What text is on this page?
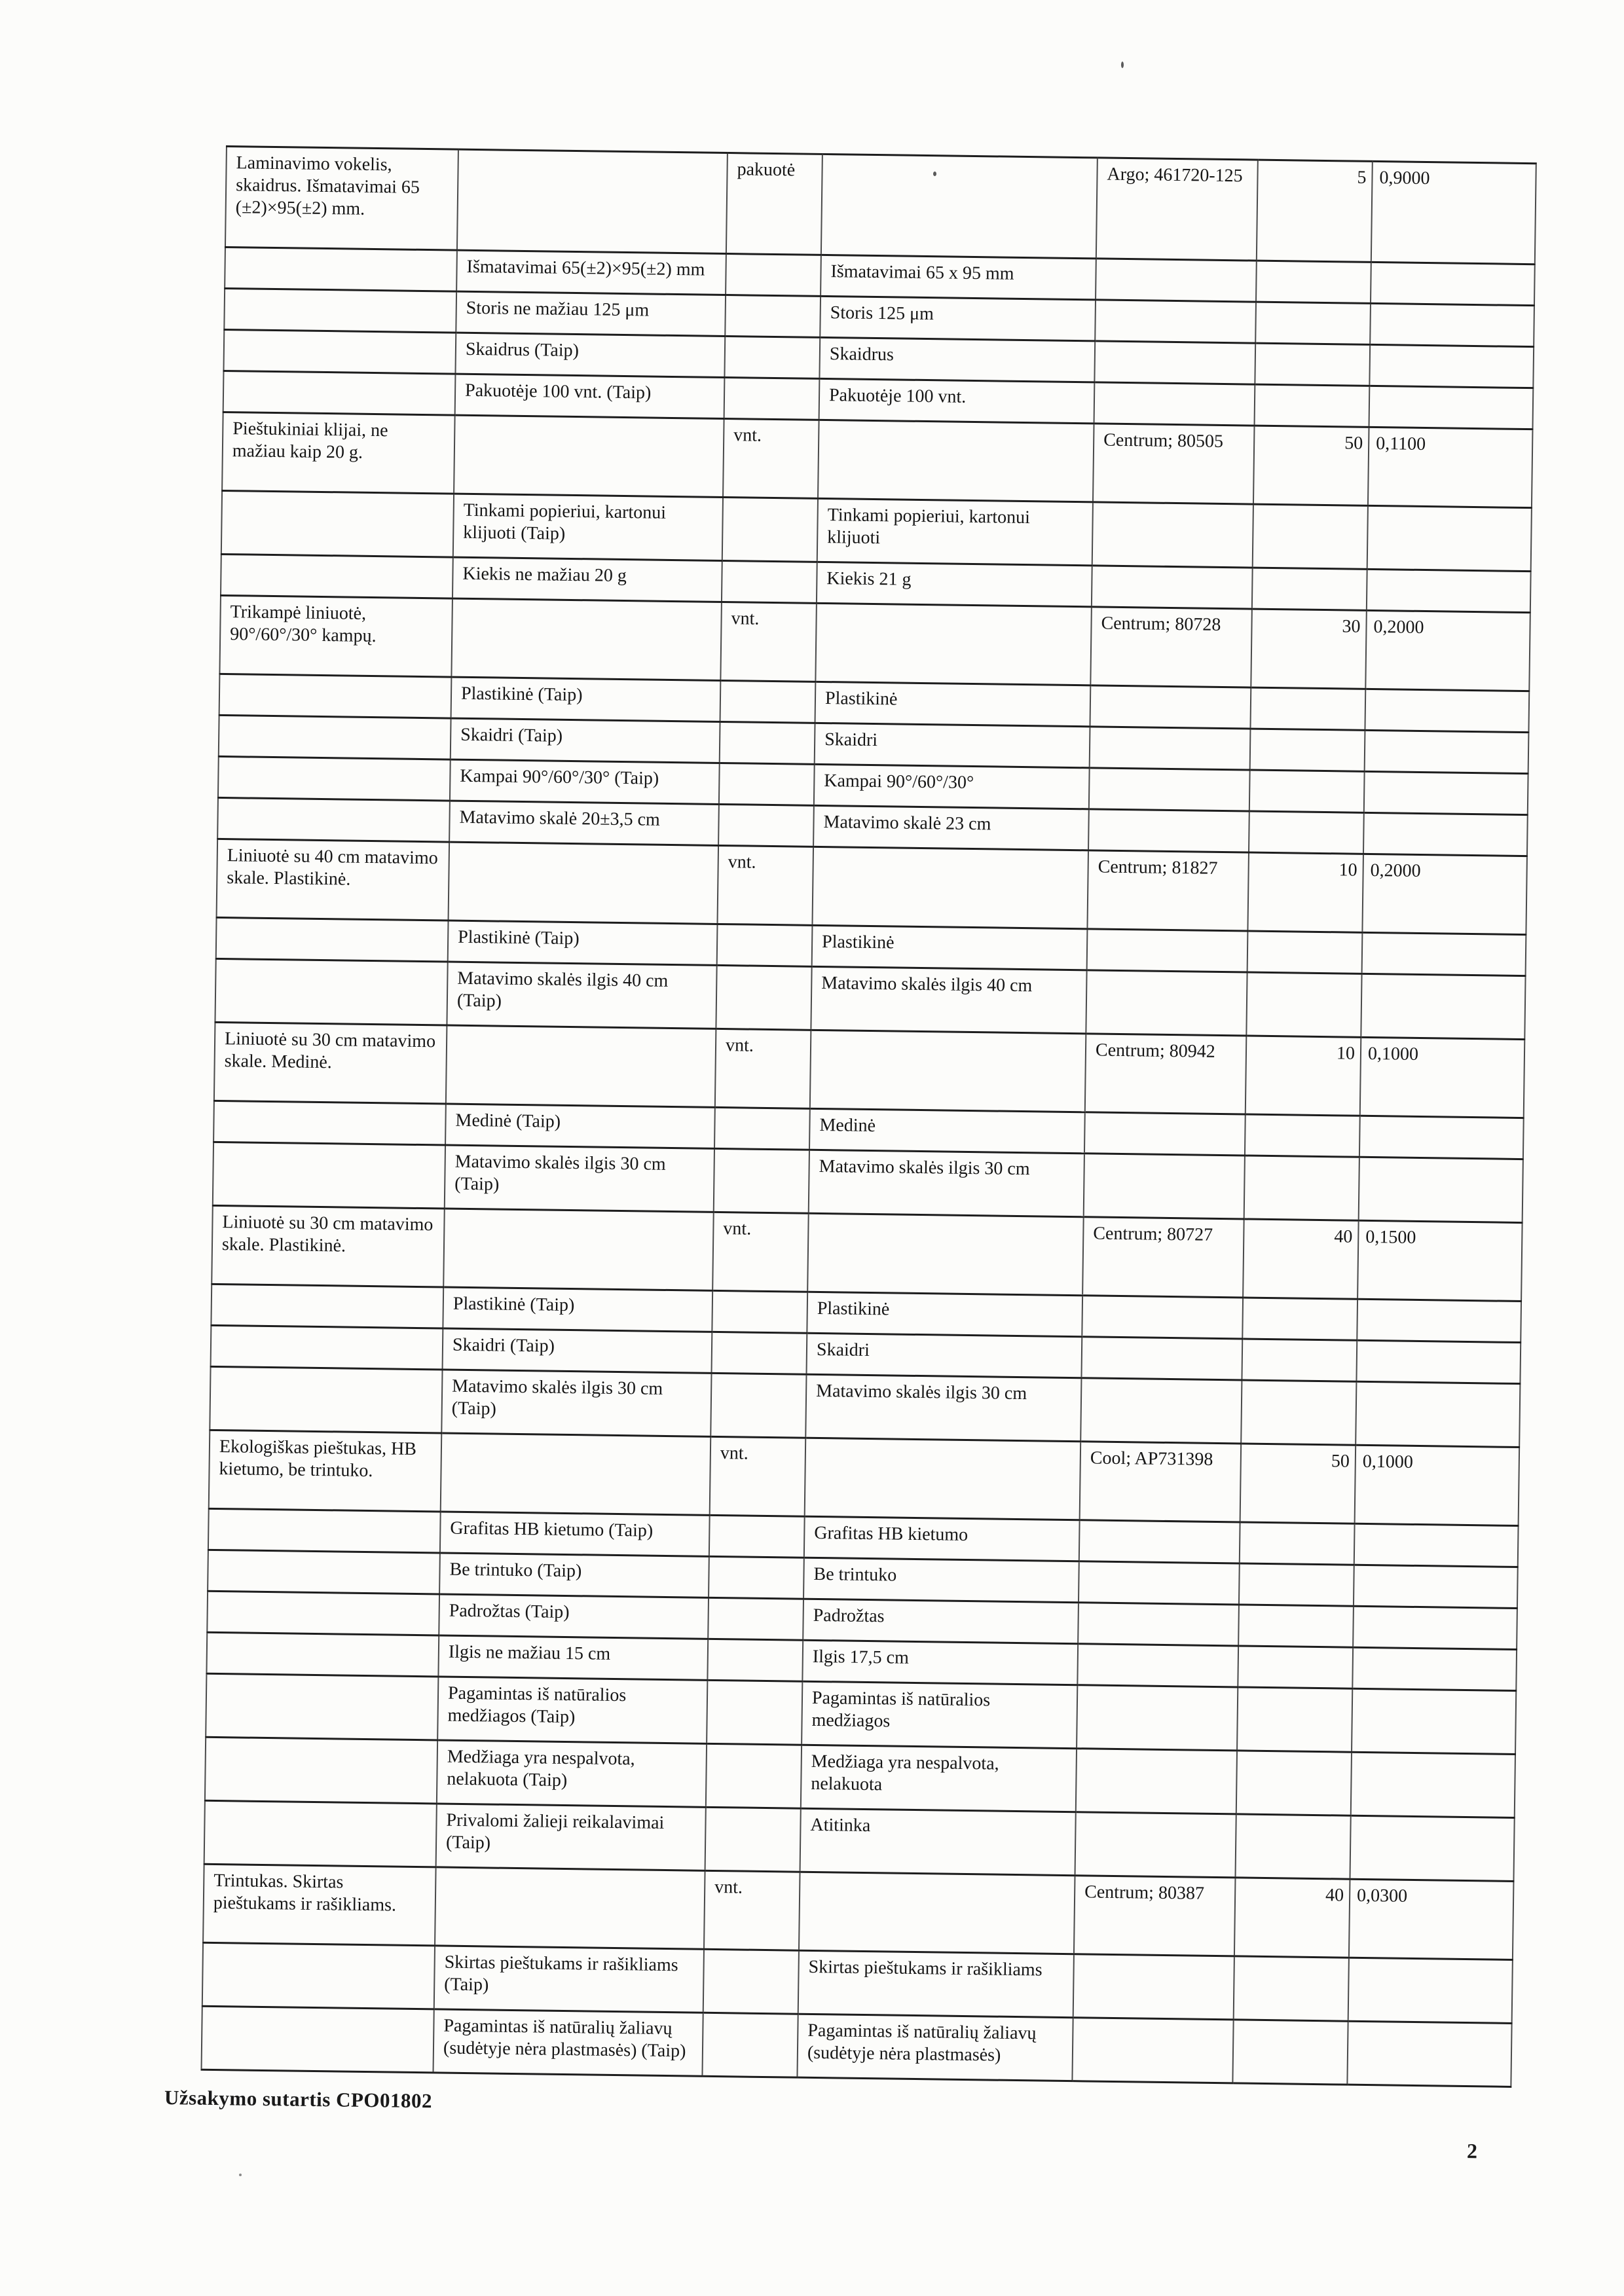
Laminavimo vokelis, skaidrus. Išmatavimai 65 (±2)×95(±2) mm.		pakuotė		Argo; 461720-125	5	0,9000
	Išmatavimai 65(±2)×95(±2) mm		Išmatavimai 65 x 95 mm			
	Storis ne mažiau 125 μm		Storis 125 μm			
	Skaidrus (Taip)		Skaidrus			
	Pakuotėje 100 vnt. (Taip)		Pakuotėje 100 vnt.			
Pieštukiniai klijai, ne mažiau kaip 20 g.		vnt.		Centrum; 80505	50	0,1100
	Tinkami popieriui, kartonui klijuoti (Taip)		Tinkami popieriui, kartonui klijuoti			
	Kiekis ne mažiau 20 g		Kiekis 21 g			
Trikampė liniuotė, 90°/60°/30° kampų.		vnt.		Centrum; 80728	30	0,2000
	Plastikinė (Taip)		Plastikinė			
	Skaidri (Taip)		Skaidri			
	Kampai 90°/60°/30° (Taip)		Kampai 90°/60°/30°			
	Matavimo skalė 20±3,5 cm		Matavimo skalė 23 cm			
Liniuotė su 40 cm matavimo skale. Plastikinė.		vnt.		Centrum; 81827	10	0,2000
	Plastikinė (Taip)		Plastikinė			
	Matavimo skalės ilgis 40 cm (Taip)		Matavimo skalės ilgis 40 cm			
Liniuotė su 30 cm matavimo skale. Medinė.		vnt.		Centrum; 80942	10	0,1000
	Medinė (Taip)		Medinė			
	Matavimo skalės ilgis 30 cm (Taip)		Matavimo skalės ilgis 30 cm			
Liniuotė su 30 cm matavimo skale. Plastikinė.		vnt.		Centrum; 80727	40	0,1500
	Plastikinė (Taip)		Plastikinė			
	Skaidri (Taip)		Skaidri			
	Matavimo skalės ilgis 30 cm (Taip)		Matavimo skalės ilgis 30 cm			
Ekologiškas pieštukas, HB kietumo, be trintuko.		vnt.		Cool; AP731398	50	0,1000
	Grafitas HB kietumo (Taip)		Grafitas HB kietumo			
	Be trintuko (Taip)		Be trintuko			
	Padrožtas (Taip)		Padrožtas			
	Ilgis ne mažiau 15 cm		Ilgis 17,5 cm			
	Pagamintas iš natūralios medžiagos (Taip)		Pagamintas iš natūralios medžiagos			
	Medžiaga yra nespalvota, nelakuota (Taip)		Medžiaga yra nespalvota, nelakuota			
	Privalomi žalieji reikalavimai (Taip)		Atitinka			
Trintukas. Skirtas pieštukams ir rašikliams.		vnt.		Centrum; 80387	40	0,0300
	Skirtas pieštukams ir rašikliams (Taip)		Skirtas pieštukams ir rašikliams			
	Pagamintas iš natūralių žaliavų (sudėtyje nėra plastmasės) (Taip)		Pagamintas iš natūralių žaliavų (sudėtyje nėra plastmasės)			
Užsakymo sutartis CPO01802
2
